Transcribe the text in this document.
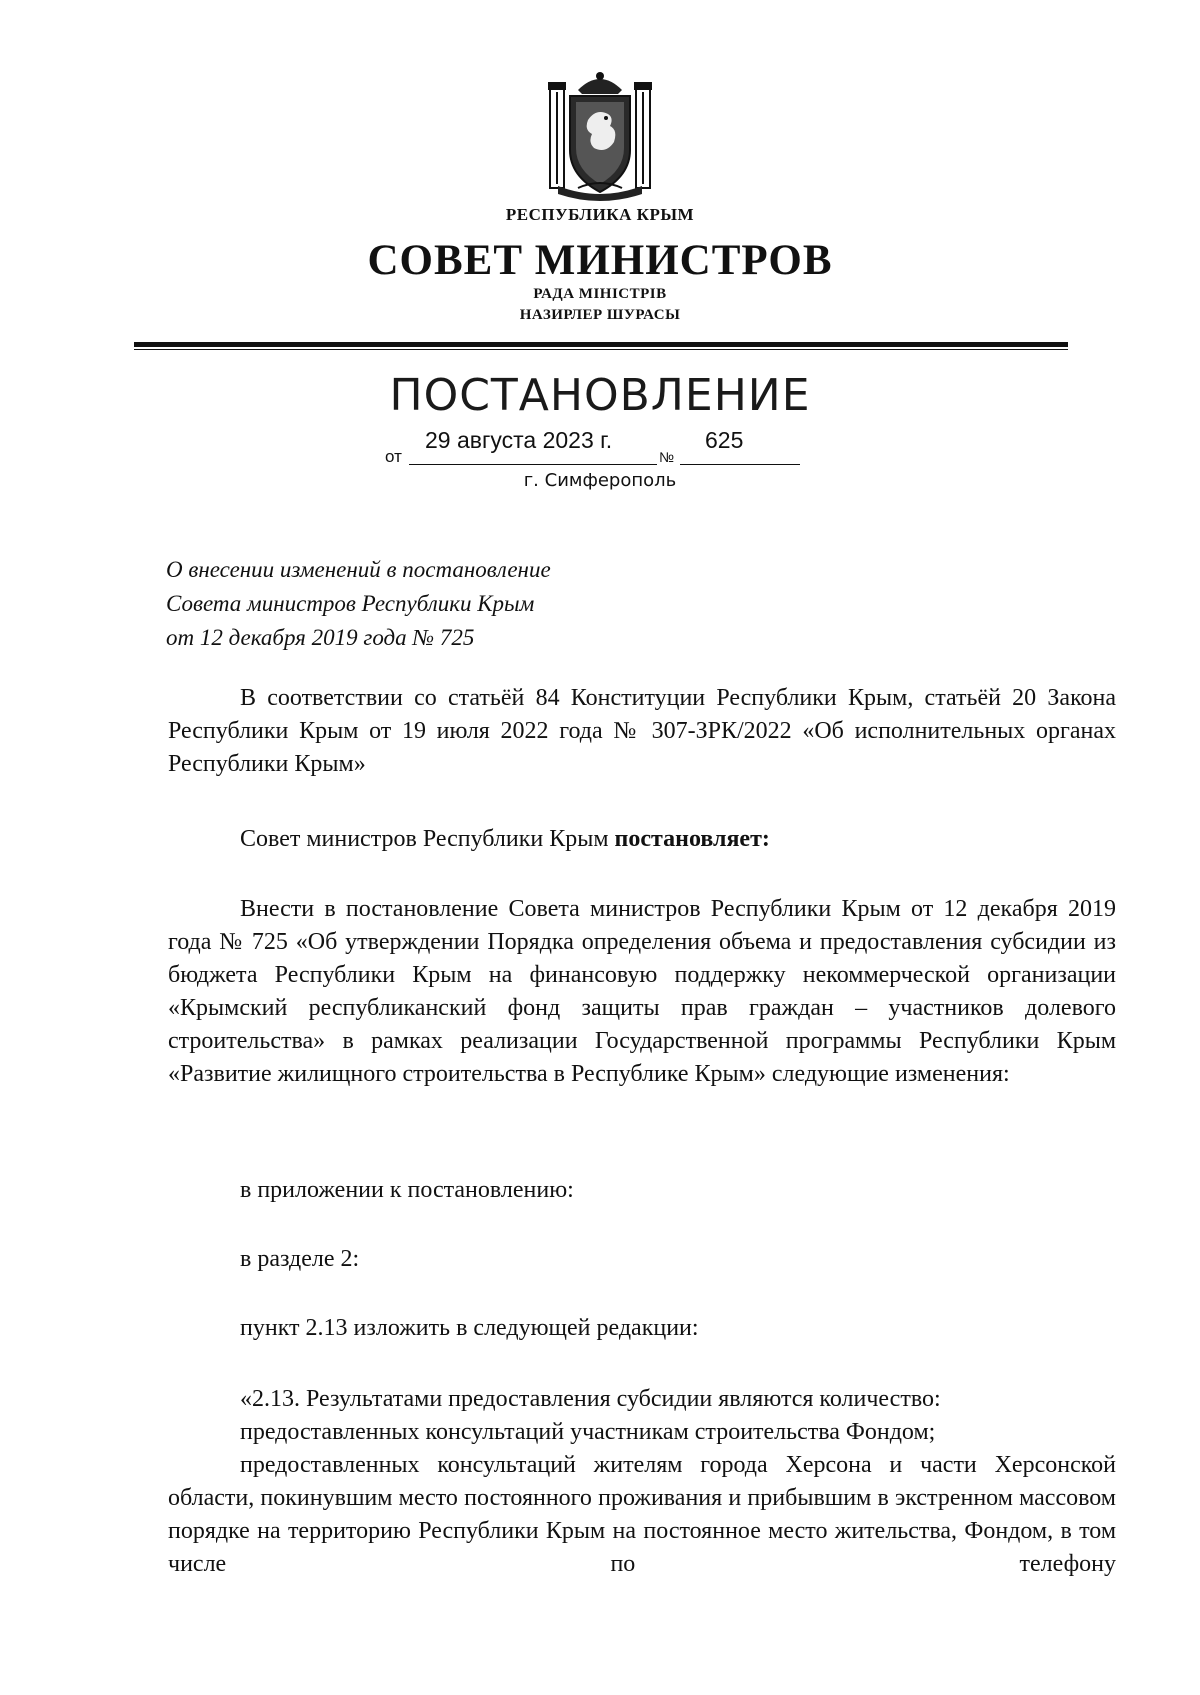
РЕСПУБЛИКА КРЫМ
СОВЕТ МИНИСТРОВ
РАДА МІНІСТРІВ
НАЗИРЛЕР ШУРАСЫ
ПОСТАНОВЛЕНИЕ
от
29 августа 2023 г.
№
625
г. Симферополь
О внесении изменений в постановление
Совета министров Республики Крым
от 12 декабря 2019 года № 725

В соответствии со статьёй 84 Конституции Республики Крым, статьёй 20 Закона Республики Крым от 19 июля 2022 года № 307-ЗРК/2022 «Об исполнительных органах Республики Крым»

Совет министров Республики Крым постановляет:

Внести в постановление Совета министров Республики Крым от 12 декабря 2019 года № 725 «Об утверждении Порядка определения объема и предоставления субсидии из бюджета Республики Крым на финансовую поддержку некоммерческой организации «Крымский республиканский фонд защиты прав граждан – участников долевого строительства» в рамках реализации Государственной программы Республики Крым «Развитие жилищного строительства в Республике Крым» следующие изменения:

в приложении к постановлению:

в разделе 2:

пункт 2.13 изложить в следующей редакции:

«2.13. Результатами предоставления субсидии являются количество:

предоставленных консультаций участникам строительства Фондом;

предоставленных консультаций жителям города Херсона и части Херсонской области, покинувшим место постоянного проживания и прибывшим в экстренном массовом порядке на территорию Республики Крым на постоянное место жительства, Фондом, в том числе по телефону
